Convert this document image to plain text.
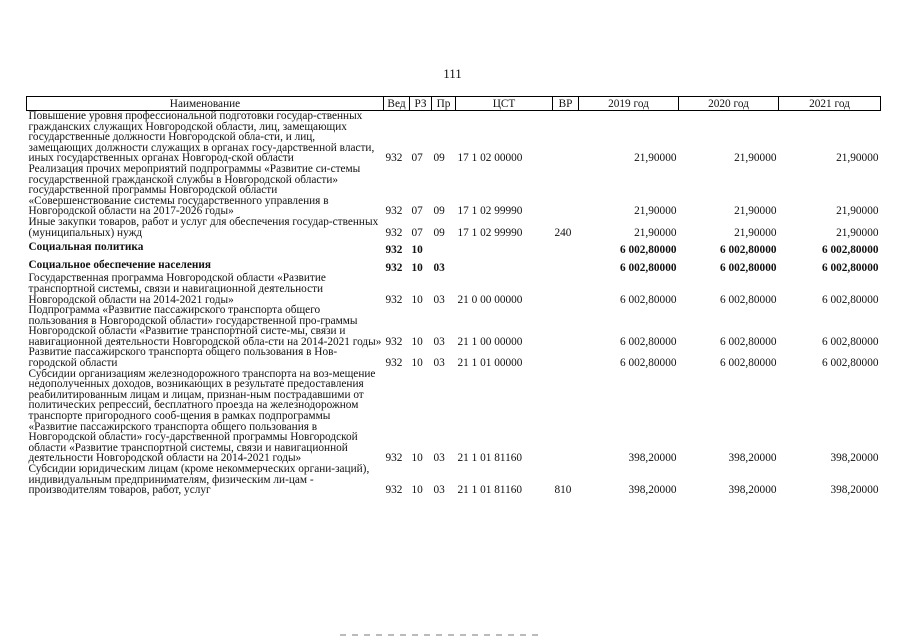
111
Наименование	Вед	РЗ	Пр	ЦСТ	ВР	2019 год	2020 год	2021 год
Повышение уровня профессиональной подготовки государ-ственных гражданских служащих Новгородской области, лиц, замещающих государственные должности Новгородской обла-сти, и лиц, замещающих должности служащих в органах госу-дарственной власти, иных государственных органах Новгород-ской области	932	07	09	17 1 02 00000		21,90000	21,90000	21,90000
Реализация прочих мероприятий подпрограммы «Развитие си-стемы государственной гражданской службы в Новгородской области» государственной программы Новгородской области «Совершенствование системы государственного управления в Новгородской области на 2017-2026 годы»	932	07	09	17 1 02 99990		21,90000	21,90000	21,90000
Иные закупки товаров, работ и услуг для обеспечения государ-ственных (муниципальных) нужд	932	07	09	17 1 02 99990	240	21,90000	21,90000	21,90000
Социальная политика	932	10				6 002,80000	6 002,80000	6 002,80000
Социальное обеспечение населения	932	10	03			6 002,80000	6 002,80000	6 002,80000
Государственная программа Новгородской области «Развитие транспортной системы, связи и навигационной деятельности Новгородской области на 2014-2021 годы»	932	10	03	21 0 00 00000		6 002,80000	6 002,80000	6 002,80000
Подпрограмма «Развитие пассажирского транспорта общего пользования в Новгородской области» государственной про-граммы Новгородской области «Развитие транспортной систе-мы, связи и навигационной деятельности Новгородской обла-сти на 2014-2021 годы»	932	10	03	21 1 00 00000		6 002,80000	6 002,80000	6 002,80000
Развитие пассажирского транспорта общего пользования в Нов-городской области	932	10	03	21 1 01 00000		6 002,80000	6 002,80000	6 002,80000
Субсидии организациям железнодорожного транспорта на воз-мещение недополученных доходов, возникающих в результате предоставления реабилитированным лицам и лицам, признан-ным пострадавшими от политических репрессий, бесплатного проезда на железнодорожном транспорте пригородного сооб-щения в рамках подпрограммы «Развитие пассажирского транспорта общего пользования в Новгородской области» госу-дарственной программы Новгородской области «Развитие транспортной системы, связи и навигационной деятельности Новгородской области на 2014-2021 годы»	932	10	03	21 1 01 81160		398,20000	398,20000	398,20000
Субсидии юридическим лицам (кроме некоммерческих органи-заций), индивидуальным предпринимателям, физическим ли-цам - производителям товаров, работ, услуг	932	10	03	21 1 01 81160	810	398,20000	398,20000	398,20000
